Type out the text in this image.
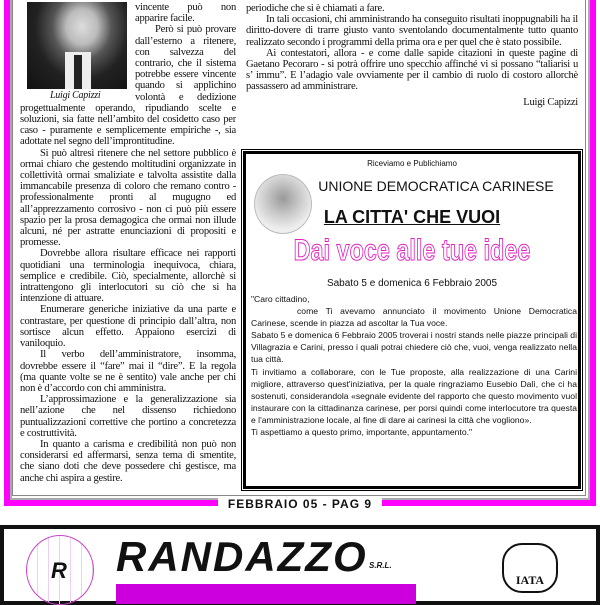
Luigi Capizzi
vincente può non apparire facile.

Però si può provare dall’esterno a ritenere, con salvezza del contrario, che il sistema potrebbe essere vincente quando si applichino volontà e dedizione progettualmente operando, ripudiando scelte e soluzioni, sia fatte nell’ambito del cosidetto caso per caso - puramente e semplicemente empiriche -, sia adottate nel segno dell’improntitudine.

Si può altresì ritenere che nel settore pubblico è ormai chiaro che gestendo moltitudini organizzate in collettività ormai smaliziate e talvolta assistite dalla immancabile presenza di coloro che remano contro - professionalmente pronti al mugugno ed all’apprezzamento corrosivo - non ci può più essere spazio per la prosa demagogica che ormai non illude alcuni, né per astratte enunciazioni di propositi e promesse.

Dovrebbe allora risultare efficace nei rapporti quotidiani una terminologia inequivoca, chiara, semplice e credibile. Ciò, specialmente, allorchè si intrattengono gli interlocutori su ciò che si ha intenzione di attuare.

Enumerare generiche iniziative da una parte e contrastare, per questione di principio dall’altra, non sortisce alcun effetto. Appaiono esercizi di vaniloquio.

Il verbo dell’amministratore, insomma, dovrebbe essere il “fare” mai il “dire”. E la regola (ma quante volte se ne è sentito) vale anche per chi non è d’accordo con chi amministra.

L’approssimazione e la generalizzazione sia nell’azione che nel dissenso richiedono puntualizzazioni correttive che portino a concretezza e costruttività.

In quanto a carisma e credibilità non può non considerarsi ed affermarsi, senza tema di smentite, che siano doti che deve possedere chi gestisce, ma anche chi aspira a gestire.

periodiche che si è chiamati a fare.

In tali occasioni, chi amministrando ha conseguito risultati inoppugnabili ha il diritto-dovere di trarre giusto vanto sventolando documentalmente tutto quanto realizzato secondo i programmi della prima ora e per quel che è stato possibile.

Ai contestatori, allora - e come dalle sapide citazioni in queste pagine di Gaetano Pecoraro - si potrà offrire uno specchio affinché vi si possano “taliarisi u s’ immu”. E l’adagio vale ovviamente per il cambio di ruolo di costoro allorchè passassero ad amministrare.

Luigi Capizzi
Riceviamo e Publichiamo
UNIONE DEMOCRATICA CARINESE
LA CITTA' CHE VUOI
Dai voce alle tue idee
Sabato 5 e domenica 6 Febbraio 2005
"Caro cittadino,
come Ti avevamo annunciato il movimento Unione Democratica Carinese, scende in piazza ad ascoltar la Tua voce.
Sabato 5 e domenica 6 Febbraio 2005 troverai i nostri stands nelle piazze principali di Villagrazia e Carini, presso i quali potrai chiedere ciò che, vuoi, venga realizzato nella tua città.
Ti invitiamo a collaborare, con le Tue proposte, alla realizzazione di una Carini migliore, attraverso quest'iniziativa, per la quale ringraziamo Eusebio Dalì, che ci ha sostenuti, considerandola «segnale evidente del rapporto che questo movimento vuol instaurare con la cittadinanza carinese, per porsi quindi come interlocutore tra questa e l'amministrazione locale, al fine di dare ai carinesi la città che vogliono».
Ti aspettiamo a questo primo, importante, appuntamento."
FEBBRAIO 05 - PAG 9
R RANDAZZO S.R.L.
IATA
